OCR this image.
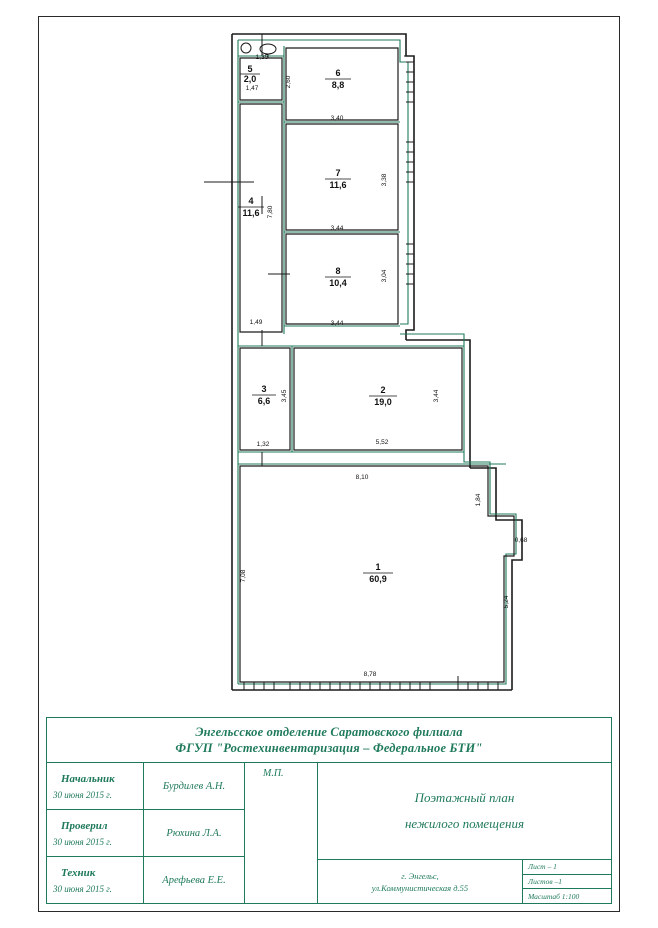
5
2,0
6
8,8
7
11,6
8
10,4
4
11,6
3
6,6
2
19,0
1
60,9
1,35
1,47
2,60
3,40
3,38
3,44
7,80
3,04
3,44
1,49
3,45	3,44
1,32	5,52
8,10
1,84
0,68
5,24
7,08
8,78
Энгельсское отделение Саратовского филиала
ФГУП "Ростехинвентаризация – Федеральное БТИ"
Начальник
30 июня 2015 г.
Бурдилев А.Н.
Проверил
30 июня 2015 г.
Рюхина Л.А.
Техник
30 июня 2015 г.
Арефьева Е.Е.
М.П.
Поэтажный план
нежилого помещения
г. Энгельс,
ул.Коммунистическая д.55
Лист – 1
Листов –1
Масштаб 1:100
